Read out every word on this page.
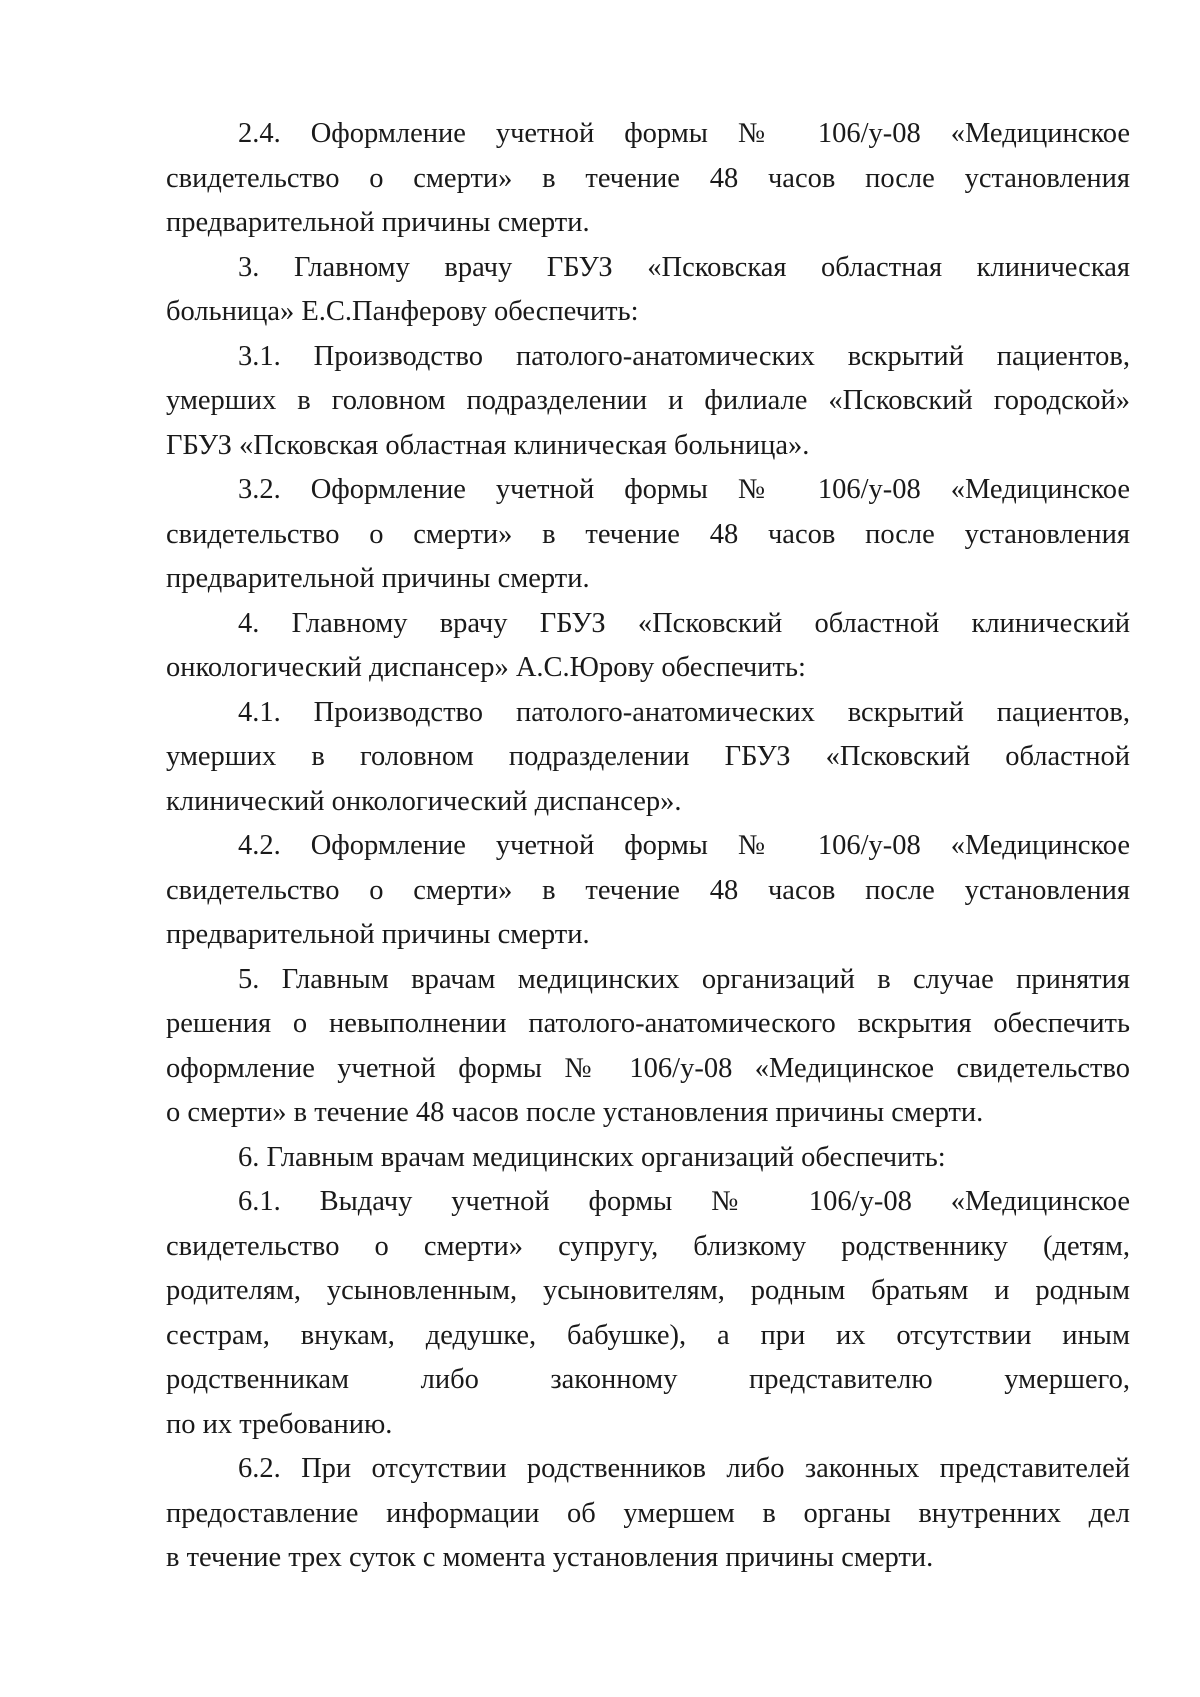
2.4. Оформление учетной формы № 106/у-08 «Медицинское
свидетельство о смерти» в течение 48 часов после установления
предварительной причины смерти.

3. Главному врачу ГБУЗ «Псковская областная клиническая
больница» Е.С.Панферову обеспечить:

3.1. Производство патолого-анатомических вскрытий пациентов,
умерших в головном подразделении и филиале «Псковский городской»
ГБУЗ «Псковская областная клиническая больница».

3.2. Оформление учетной формы № 106/у-08 «Медицинское
свидетельство о смерти» в течение 48 часов после установления
предварительной причины смерти.

4. Главному врачу ГБУЗ «Псковский областной клинический
онкологический диспансер» А.С.Юрову обеспечить:

4.1. Производство патолого-анатомических вскрытий пациентов,
умерших в головном подразделении ГБУЗ «Псковский областной
клинический онкологический диспансер».

4.2. Оформление учетной формы № 106/у-08 «Медицинское
свидетельство о смерти» в течение 48 часов после установления
предварительной причины смерти.

5. Главным врачам медицинских организаций в случае принятия
решения о невыполнении патолого-анатомического вскрытия обеспечить
оформление учетной формы № 106/у-08 «Медицинское свидетельство
о смерти» в течение 48 часов после установления причины смерти.

6. Главным врачам медицинских организаций обеспечить:

6.1. Выдачу учетной формы № 106/у-08 «Медицинское
свидетельство о смерти» супругу, близкому родственнику (детям,
родителям, усыновленным, усыновителям, родным братьям и родным
сестрам, внукам, дедушке, бабушке), а при их отсутствии иным
родственникам либо законному представителю умершего,
по их требованию.

6.2. При отсутствии родственников либо законных представителей
предоставление информации об умершем в органы внутренних дел
в течение трех суток с момента установления причины смерти.
